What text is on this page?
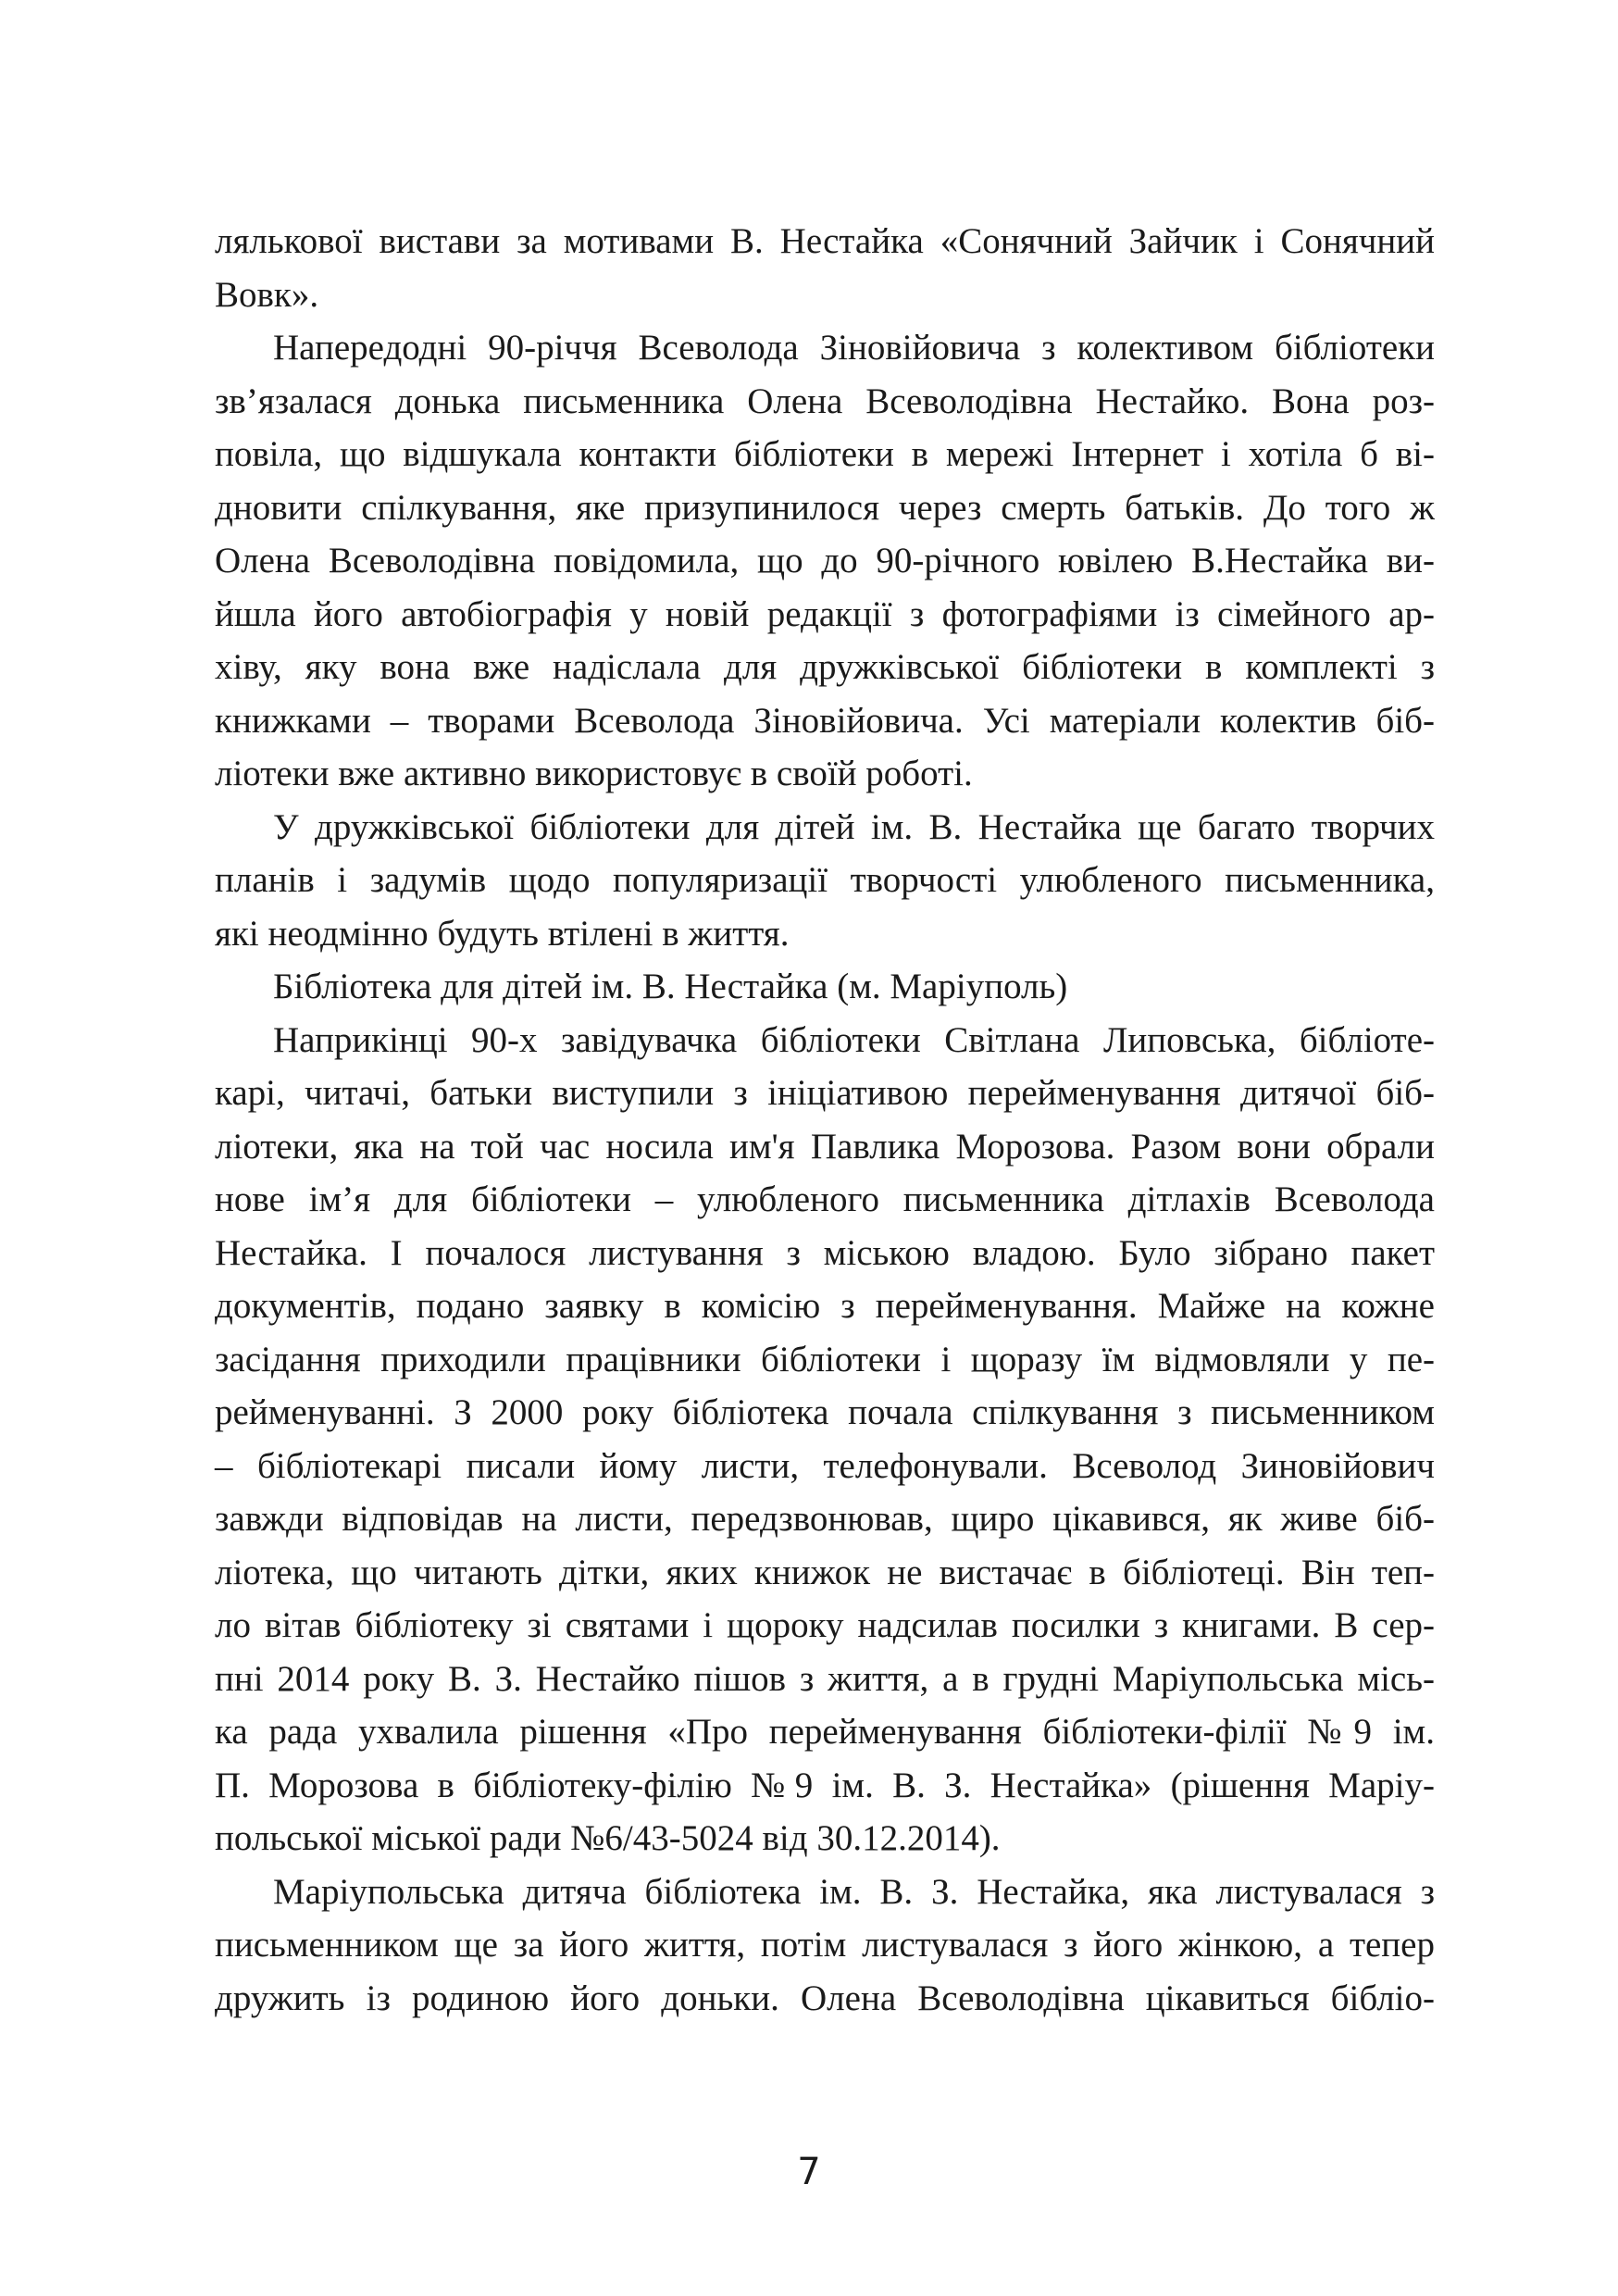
лялькової вистави за мотивами В. Нестайка «Сонячний Зайчик і Сонячний
Вовк».
Напередодні 90-річчя Всеволода Зіновійовича з колективом бібліотеки
зв’язалася донька письменника Олена Всеволодівна Нестайко. Вона роз-
повіла, що відшукала контакти бібліотеки в мережі Інтернет і хотіла б ві-
дновити спілкування, яке призупинилося через смерть батьків. До того ж
Олена Всеволодівна повідомила, що до 90-річного ювілею В.Нестайка ви-
йшла його автобіографія у новій редакції з фотографіями із сімейного ар-
хіву, яку вона вже надіслала для дружківської бібліотеки в комплекті з
книжками – творами Всеволода Зіновійовича. Усі матеріали колектив біб-
ліотеки вже активно використовує в своїй роботі.
У дружківської бібліотеки для дітей ім. В. Нестайка ще багато творчих
планів і задумів щодо популяризації творчості улюбленого письменника,
які неодмінно будуть втілені в життя.
Бібліотека для дітей ім. В. Нестайка (м. Маріуполь)
Наприкінці 90-х завідувачка бібліотеки Світлана Липовська, бібліоте-
карі, читачі, батьки виступили з ініціативою перейменування дитячої біб-
ліотеки, яка на той час носила им'я Павлика Морозова. Разом вони обрали
нове ім’я для бібліотеки – улюбленого письменника дітлахів Всеволода
Нестайка. І почалося листування з міською владою. Було зібрано пакет
документів, подано заявку в комісію з перейменування. Майже на кожне
засідання приходили працівники бібліотеки і щоразу їм відмовляли у пе-
рейменуванні. З 2000 року бібліотека почала спілкування з письменником
– бібліотекарі писали йому листи, телефонували. Всеволод Зиновійович
завжди відповідав на листи, передзвонював, щиро цікавився, як живе біб-
ліотека, що читають дітки, яких книжок не вистачає в бібліотеці. Він теп-
ло вітав бібліотеку зі святами і щороку надсилав посилки з книгами. В сер-
пні 2014 року В. З. Нестайко пішов з життя, а в грудні Маріупольська місь-
ка рада ухвалила рішення «Про перейменування бібліотеки-філії №9 ім.
П. Морозова в бібліотеку-філію №9 ім. В. З. Нестайка» (рішення Маріу-
польської міської ради №6/43-5024 від 30.12.2014).
Маріупольська дитяча бібліотека ім. В. З. Нестайка, яка листувалася з
письменником ще за його життя, потім листувалася з його жінкою, а тепер
дружить із родиною його доньки. Олена Всеволодівна цікавиться бібліо-
7
